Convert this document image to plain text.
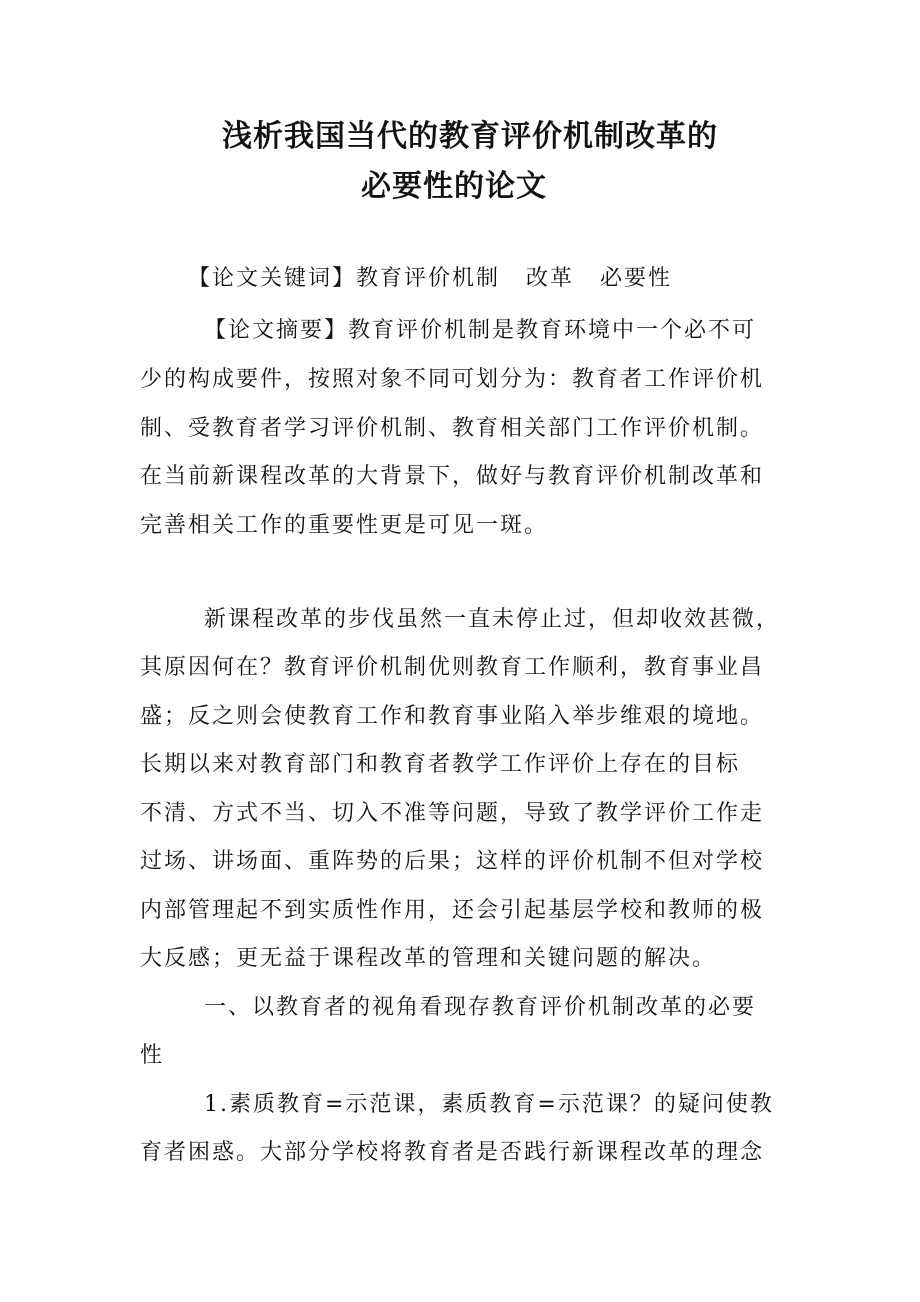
浅析我国当代的教育评价机制改革的
必要性的论文
【论文关键词】教育评价机制 改革 必要性
【论文摘要】教育评价机制是教育环境中一个必不可
少的构成要件，按照对象不同可划分为：教育者工作评价机
制、受教育者学习评价机制、教育相关部门工作评价机制。
在当前新课程改革的大背景下，做好与教育评价机制改革和
完善相关工作的重要性更是可见一斑。
新课程改革的步伐虽然一直未停止过，但却收效甚微，
其原因何在？教育评价机制优则教育工作顺利，教育事业昌
盛；反之则会使教育工作和教育事业陷入举步维艰的境地。
长期以来对教育部门和教育者教学工作评价上存在的目标
不清、方式不当、切入不准等问题，导致了教学评价工作走
过场、讲场面、重阵势的后果；这样的评价机制不但对学校
内部管理起不到实质性作用，还会引起基层学校和教师的极
大反感；更无益于课程改革的管理和关键问题的解决。
一、以教育者的视角看现存教育评价机制改革的必要
性
1.素质教育=示范课，素质教育=示范课？的疑问使教
育者困惑。大部分学校将教育者是否践行新课程改革的理念
